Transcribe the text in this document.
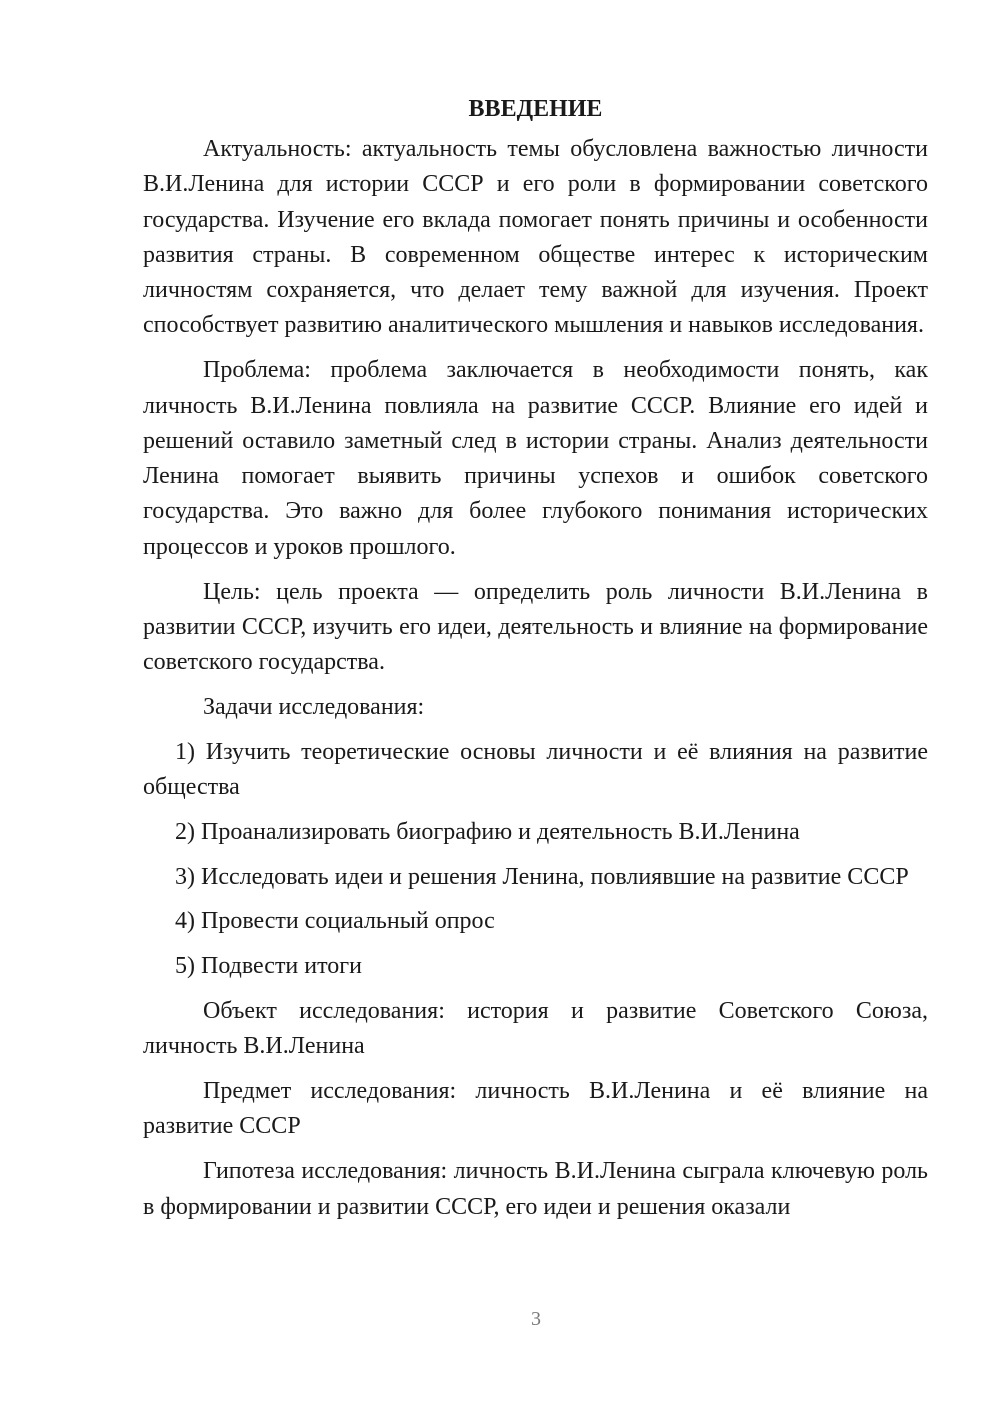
ВВЕДЕНИЕ

Актуальность: актуальность темы обусловлена важностью личности В.И.Ленина для истории СССР и его роли в формировании советского государства. Изучение его вклада помогает понять причины и особенности развития страны. В современном обществе интерес к историческим личностям сохраняется, что делает тему важной для изучения. Проект способствует развитию аналитического мышления и навыков исследования.

Проблема: проблема заключается в необходимости понять, как личность В.И.Ленина повлияла на развитие СССР. Влияние его идей и решений оставило заметный след в истории страны. Анализ деятельности Ленина помогает выявить причины успехов и ошибок советского государства. Это важно для более глубокого понимания исторических процессов и уроков прошлого.

Цель: цель проекта — определить роль личности В.И.Ленина в развитии СССР, изучить его идеи, деятельность и влияние на формирование советского государства.

Задачи исследования:

1) Изучить теоретические основы личности и её влияния на развитие общества

2) Проанализировать биографию и деятельность В.И.Ленина

3) Исследовать идеи и решения Ленина, повлиявшие на развитие СССР

4) Провести социальный опрос

5) Подвести итоги

Объект исследования: история и развитие Советского Союза, личность В.И.Ленина

Предмет исследования: личность В.И.Ленина и её влияние на развитие СССР

Гипотеза исследования: личность В.И.Ленина сыграла ключевую роль в формировании и развитии СССР, его идеи и решения оказали

3
